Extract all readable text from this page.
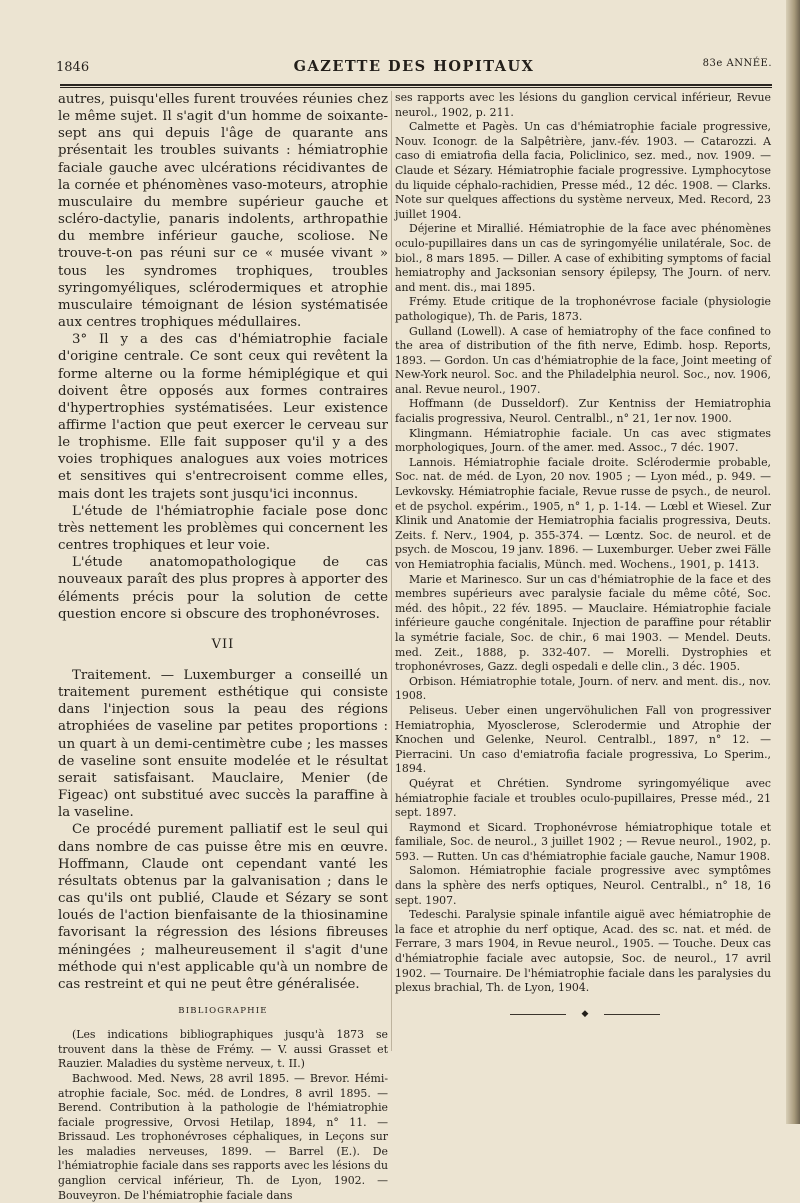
1846	GAZETTE DES HOPITAUX	83e ANNÉE.

autres, puisqu'elles furent trouvées réunies chez le même sujet. Il s'agit d'un homme de soixante-sept ans qui depuis l'âge de quarante ans présentait les troubles suivants : hémiatrophie faciale gauche avec ulcérations récidivantes de la cornée et phénomènes vaso-moteurs, atrophie musculaire du membre supérieur gauche et scléro-dactylie, panaris indolents, arthropathie du membre inférieur gauche, scoliose. Ne trouve-t-on pas réuni sur ce « musée vivant » tous les syndromes trophiques, troubles syringomyéliques, sclérodermiques et atrophie musculaire témoignant de lésion systématisée aux centres trophiques médullaires.

3° Il y a des cas d'hémiatrophie faciale d'origine centrale. Ce sont ceux qui revêtent la forme alterne ou la forme hémiplégique et qui doivent être opposés aux formes contraires d'hypertrophies systématisées. Leur existence affirme l'action que peut exercer le cerveau sur le trophisme. Elle fait supposer qu'il y a des voies trophiques analogues aux voies motrices et sensitives qui s'entrecroisent comme elles, mais dont les trajets sont jusqu'ici inconnus.

L'étude de l'hémiatrophie faciale pose donc très nettement les problèmes qui concernent les centres trophiques et leur voie.

L'étude anatomopathologique de cas nouveaux paraît des plus propres à apporter des éléments précis pour la solution de cette question encore si obscure des trophonévroses.

VII

Traitement. — Luxemburger a conseillé un traitement purement esthétique qui consiste dans l'injection sous la peau des régions atrophiées de vaseline par petites proportions : un quart à un demi-centimètre cube ; les masses de vaseline sont ensuite modelée et le résultat serait satisfaisant. Mauclaire, Menier (de Figeac) ont substitué avec succès la paraffine à la vaseline.

Ce procédé purement palliatif est le seul qui dans nombre de cas puisse être mis en œuvre. Hoffmann, Claude ont cependant vanté les résultats obtenus par la galvanisation ; dans le cas qu'ils ont publié, Claude et Sézary se sont loués de l'action bienfaisante de la thiosinamine favorisant la régression des lésions fibreuses méningées ; malheureusement il s'agit d'une méthode qui n'est applicable qu'à un nombre de cas restreint et qui ne peut être généralisée.

BIBLIOGRAPHIE

(Les indications bibliographiques jusqu'à 1873 se trouvent dans la thèse de Frémy. — V. aussi Grasset et Rauzier. Maladies du système nerveux, t. II.)

Bachwood. Med. News, 28 avril 1895. — Brevor. Hémi-atrophie faciale, Soc. méd. de Londres, 8 avril 1895. — Berend. Contribution à la pathologie de l'hémiatrophie faciale progressive, Orvosi Hetilap, 1894, n° 11. — Brissaud. Les trophonévroses céphaliques, in Leçons sur les maladies nerveuses, 1899. — Barrel (E.). De l'hémiatrophie faciale dans ses rapports avec les lésions du ganglion cervical inférieur, Th. de Lyon, 1902. — Bouveyron. De l'hémiatrophie faciale dans

ses rapports avec les lésions du ganglion cervical inférieur, Revue neurol., 1902, p. 211.

Calmette et Pagès. Un cas d'hémiatrophie faciale progressive, Nouv. Iconogr. de la Salpêtrière, janv.-fév. 1903. — Catarozzi. A caso di emiatrofia della facia, Policlinico, sez. med., nov. 1909. — Claude et Sézary. Hémiatrophie faciale progressive. Lymphocytose du liquide céphalo-rachidien, Presse méd., 12 déc. 1908. — Clarks. Note sur quelques affections du système nerveux, Med. Record, 23 juillet 1904.

Déjerine et Mirallié. Hémiatrophie de la face avec phénomènes oculo-pupillaires dans un cas de syringomyélie unilatérale, Soc. de biol., 8 mars 1895. — Diller. A case of exhibiting symptoms of facial hemiatrophy and Jacksonian sensory épilepsy, The Journ. of nerv. and ment. dis., mai 1895.

Frémy. Etude critique de la trophonévrose faciale (physiologie pathologique), Th. de Paris, 1873.

Gulland (Lowell). A case of hemiatrophy of the face confined to the area of distribution of the fith nerve, Edimb. hosp. Reports, 1893. — Gordon. Un cas d'hémiatrophie de la face, Joint meeting of New-York neurol. Soc. and the Philadelphia neurol. Soc., nov. 1906, anal. Revue neurol., 1907.

Hoffmann (de Dusseldorf). Zur Kentniss der Hemiatrophia facialis progressiva, Neurol. Centralbl., n° 21, 1er nov. 1900.

Klingmann. Hémiatrophie faciale. Un cas avec stigmates morphologiques, Journ. of the amer. med. Assoc., 7 déc. 1907.

Lannois. Hémiatrophie faciale droite. Sclérodermie probable, Soc. nat. de méd. de Lyon, 20 nov. 1905 ; — Lyon méd., p. 949. — Levkovsky. Hémiatrophie faciale, Revue russe de psych., de neurol. et de psychol. expérim., 1905, n° 1, p. 1-14. — Lœbl et Wiesel. Zur Klinik und Anatomie der Hemiatrophia facialis progressiva, Deuts. Zeits. f. Nerv., 1904, p. 355-374. — Lœntz. Soc. de neurol. et de psych. de Moscou, 19 janv. 1896. — Luxemburger. Ueber zwei Fälle von Hemiatrophia facialis, Münch. med. Wochens., 1901, p. 1413.

Marie et Marinesco. Sur un cas d'hémiatrophie de la face et des membres supérieurs avec paralysie faciale du même côté, Soc. méd. des hôpit., 22 fév. 1895. — Mauclaire. Hémiatrophie faciale inférieure gauche congénitale. Injection de paraffine pour rétablir la symétrie faciale, Soc. de chir., 6 mai 1903. — Mendel. Deuts. med. Zeit., 1888, p. 332-407. — Morelli. Dystrophies et trophonévroses, Gazz. degli ospedali e delle clin., 3 déc. 1905.

Orbison. Hémiatrophie totale, Journ. of nerv. and ment. dis., nov. 1908.

Peliseus. Ueber einen ungervöhulichen Fall von progressiver Hemiatrophia, Myosclerose, Sclerodermie und Atrophie der Knochen und Gelenke, Neurol. Centralbl., 1897, n° 12. — Pierracini. Un caso d'emiatrofia faciale progressiva, Lo Sperim., 1894.

Quéyrat et Chrétien. Syndrome syringomyélique avec hémiatrophie faciale et troubles oculo-pupillaires, Presse méd., 21 sept. 1897.

Raymond et Sicard. Trophonévrose hémiatrophique totale et familiale, Soc. de neurol., 3 juillet 1902 ; — Revue neurol., 1902, p. 593. — Rutten. Un cas d'hémiatrophie faciale gauche, Namur 1908.

Salomon. Hémiatrophie faciale progressive avec symptômes dans la sphère des nerfs optiques, Neurol. Centralbl., n° 18, 16 sept. 1907.

Tedeschi. Paralysie spinale infantile aiguë avec hémiatrophie de la face et atrophie du nerf optique, Acad. des sc. nat. et méd. de Ferrare, 3 mars 1904, in Revue neurol., 1905. — Touche. Deux cas d'hémiatrophie faciale avec autopsie, Soc. de neurol., 17 avril 1902. — Tournaire. De l'hémiatrophie faciale dans les paralysies du plexus brachial, Th. de Lyon, 1904.

◆
